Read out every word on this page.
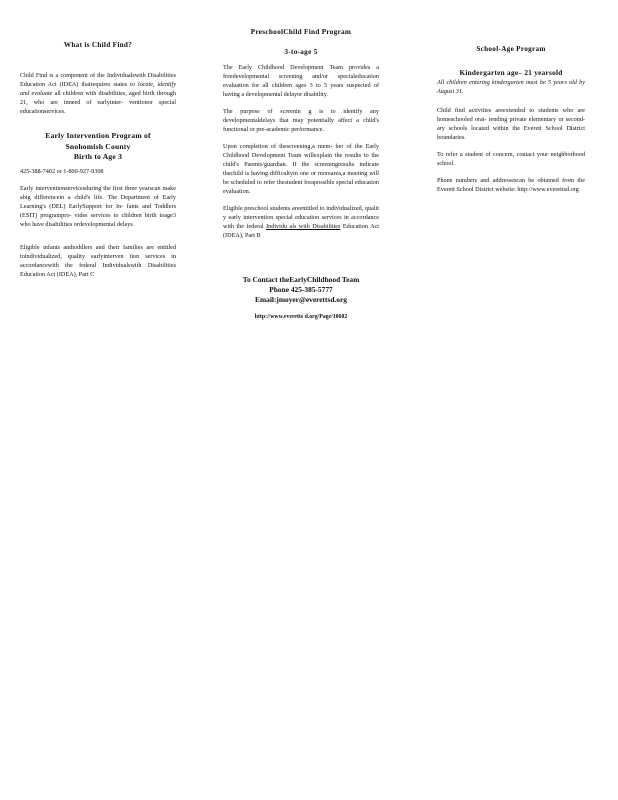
What is Child Find?

Child Find is a component of the Individualswith Disabilities Education Act (IDEA) thatrequires states to locate, identify and evaluate all children with disabilities, aged birth through 21, who are inneed of earlyinter- ventionor special educationservices.

Early Intervention Program of
Snohomish County
Birth to Age 3

425-388-7402 or 1-800-927-9308

Early interventionservicesduring the first three yearscan make abig differencein a child's life. The Department of Early Learning's (DEL) EarlySupport for In- fants and Toddlers (ESIT) programpro- vides services to children birth toage3 who have disabilities ordevelopmental delays.

Eligible infants andtoddlers and their families are entitled toindividualized, quality earlyinterven tion services in accordancewith the federal Individualswith Disabilities Education Act (IDEA), Part C

PreschoolChild Find Program
3-to-age 5

The Early Childhood Development Team provides a freedevelopmental screening and/or specialeducation evaluation for all children ages 3 to 5 years suspected of having a developmental delayor disability.

The purpose of screenin g is to identify any developmentaldelays that may potentially affect a child's functional or pre-academic performance.

Upon completion of thescreening,a mem- ber of the Early Childhood Development Team willexplain the results to the child's Parents/guardian. If the screeningresults indicate thechild is having difficultyin one or morearea,a meeting will be scheduled to refer thestudent forapossible special education evaluation.

Eligible preschool students areentitled to individualized, qualit y early intervention special education services in accordance with the federal Individu als with Disabilities Education Act (IDEA), Part B

To Contact theEarlyChildhood Team
Phone 425-385-5777
Email:jmoyer@everettsd.org
http://www.everetts d.org/Page/10682
School-Age Program
Kindergarten age– 21 yearsold

All children entering kindergarten must be 5 years old by August 31.

Child find activities areextended to students who are homeschooled orat- tending private elementary or second- ary schools located within the Everett School District boundaries.

To refer a student of concern, contact your neighborhood school.

Phone numbers and addressescan be obtained from the Everett School District website: http://www.everettsd.org
